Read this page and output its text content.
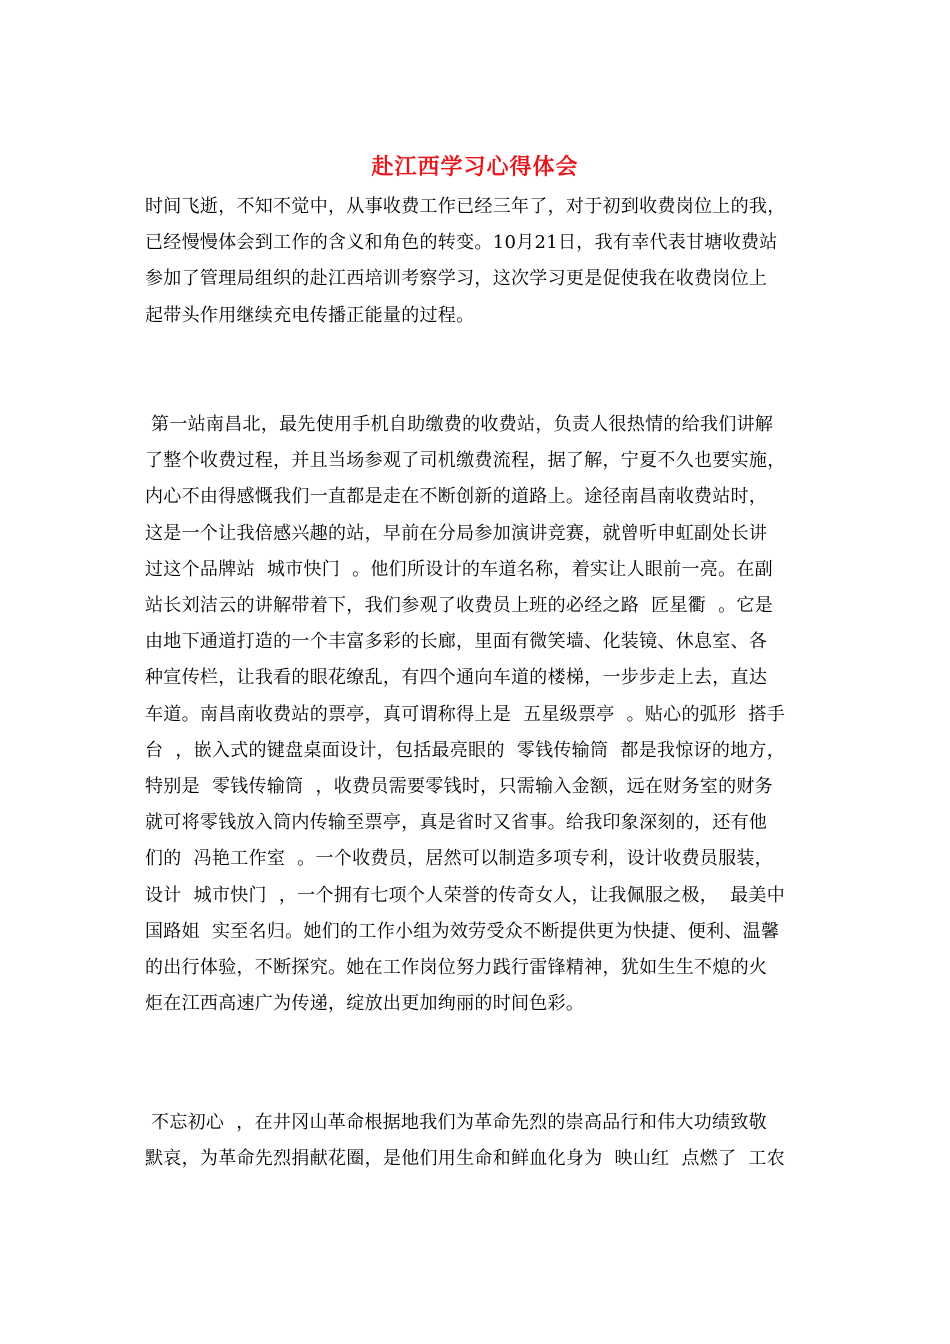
赴江西学习心得体会
时间飞逝，不知不觉中，从事收费工作已经三年了，对于初到收费岗位上的我，
已经慢慢体会到工作的含义和角色的转变。10月21日，我有幸代表甘塘收费站
参加了管理局组织的赴江西培训考察学习，这次学习更是促使我在收费岗位上
起带头作用继续充电传播正能量的过程。
第一站南昌北，最先使用手机自助缴费的收费站，负责人很热情的给我们讲解
了整个收费过程，并且当场参观了司机缴费流程，据了解，宁夏不久也要实施，
内心不由得感慨我们一直都是走在不断创新的道路上。途径南昌南收费站时，
这是一个让我倍感兴趣的站，早前在分局参加演讲竞赛，就曾听申虹副处长讲
过这个品牌站  城市快门  。他们所设计的车道名称，着实让人眼前一亮。在副
站长刘洁云的讲解带着下，我们参观了收费员上班的必经之路  匠星衢  。它是
由地下通道打造的一个丰富多彩的长廊，里面有微笑墙、化装镜、休息室、各
种宣传栏，让我看的眼花缭乱，有四个通向车道的楼梯，一步步走上去，直达
车道。南昌南收费站的票亭，真可谓称得上是  五星级票亭  。贴心的弧形  搭手
台  ，嵌入式的键盘桌面设计，包括最亮眼的  零钱传输筒  都是我惊讶的地方，
特别是  零钱传输筒  ，收费员需要零钱时，只需输入金额，远在财务室的财务
就可将零钱放入筒内传输至票亭，真是省时又省事。给我印象深刻的，还有他
们的  冯艳工作室  。一个收费员，居然可以制造多项专利，设计收费员服装，
设计  城市快门  ，一个拥有七项个人荣誉的传奇女人，让我佩服之极，  最美中
国路姐  实至名归。她们的工作小组为效劳受众不断提供更为快捷、便利、温馨
的出行体验，不断探究。她在工作岗位努力践行雷锋精神，犹如生生不熄的火
炬在江西高速广为传递，绽放出更加绚丽的时间色彩。
不忘初心  ，在井冈山革命根据地我们为革命先烈的崇高品行和伟大功绩致敬
默哀，为革命先烈捐献花圈，是他们用生命和鲜血化身为  映山红  点燃了  工农
